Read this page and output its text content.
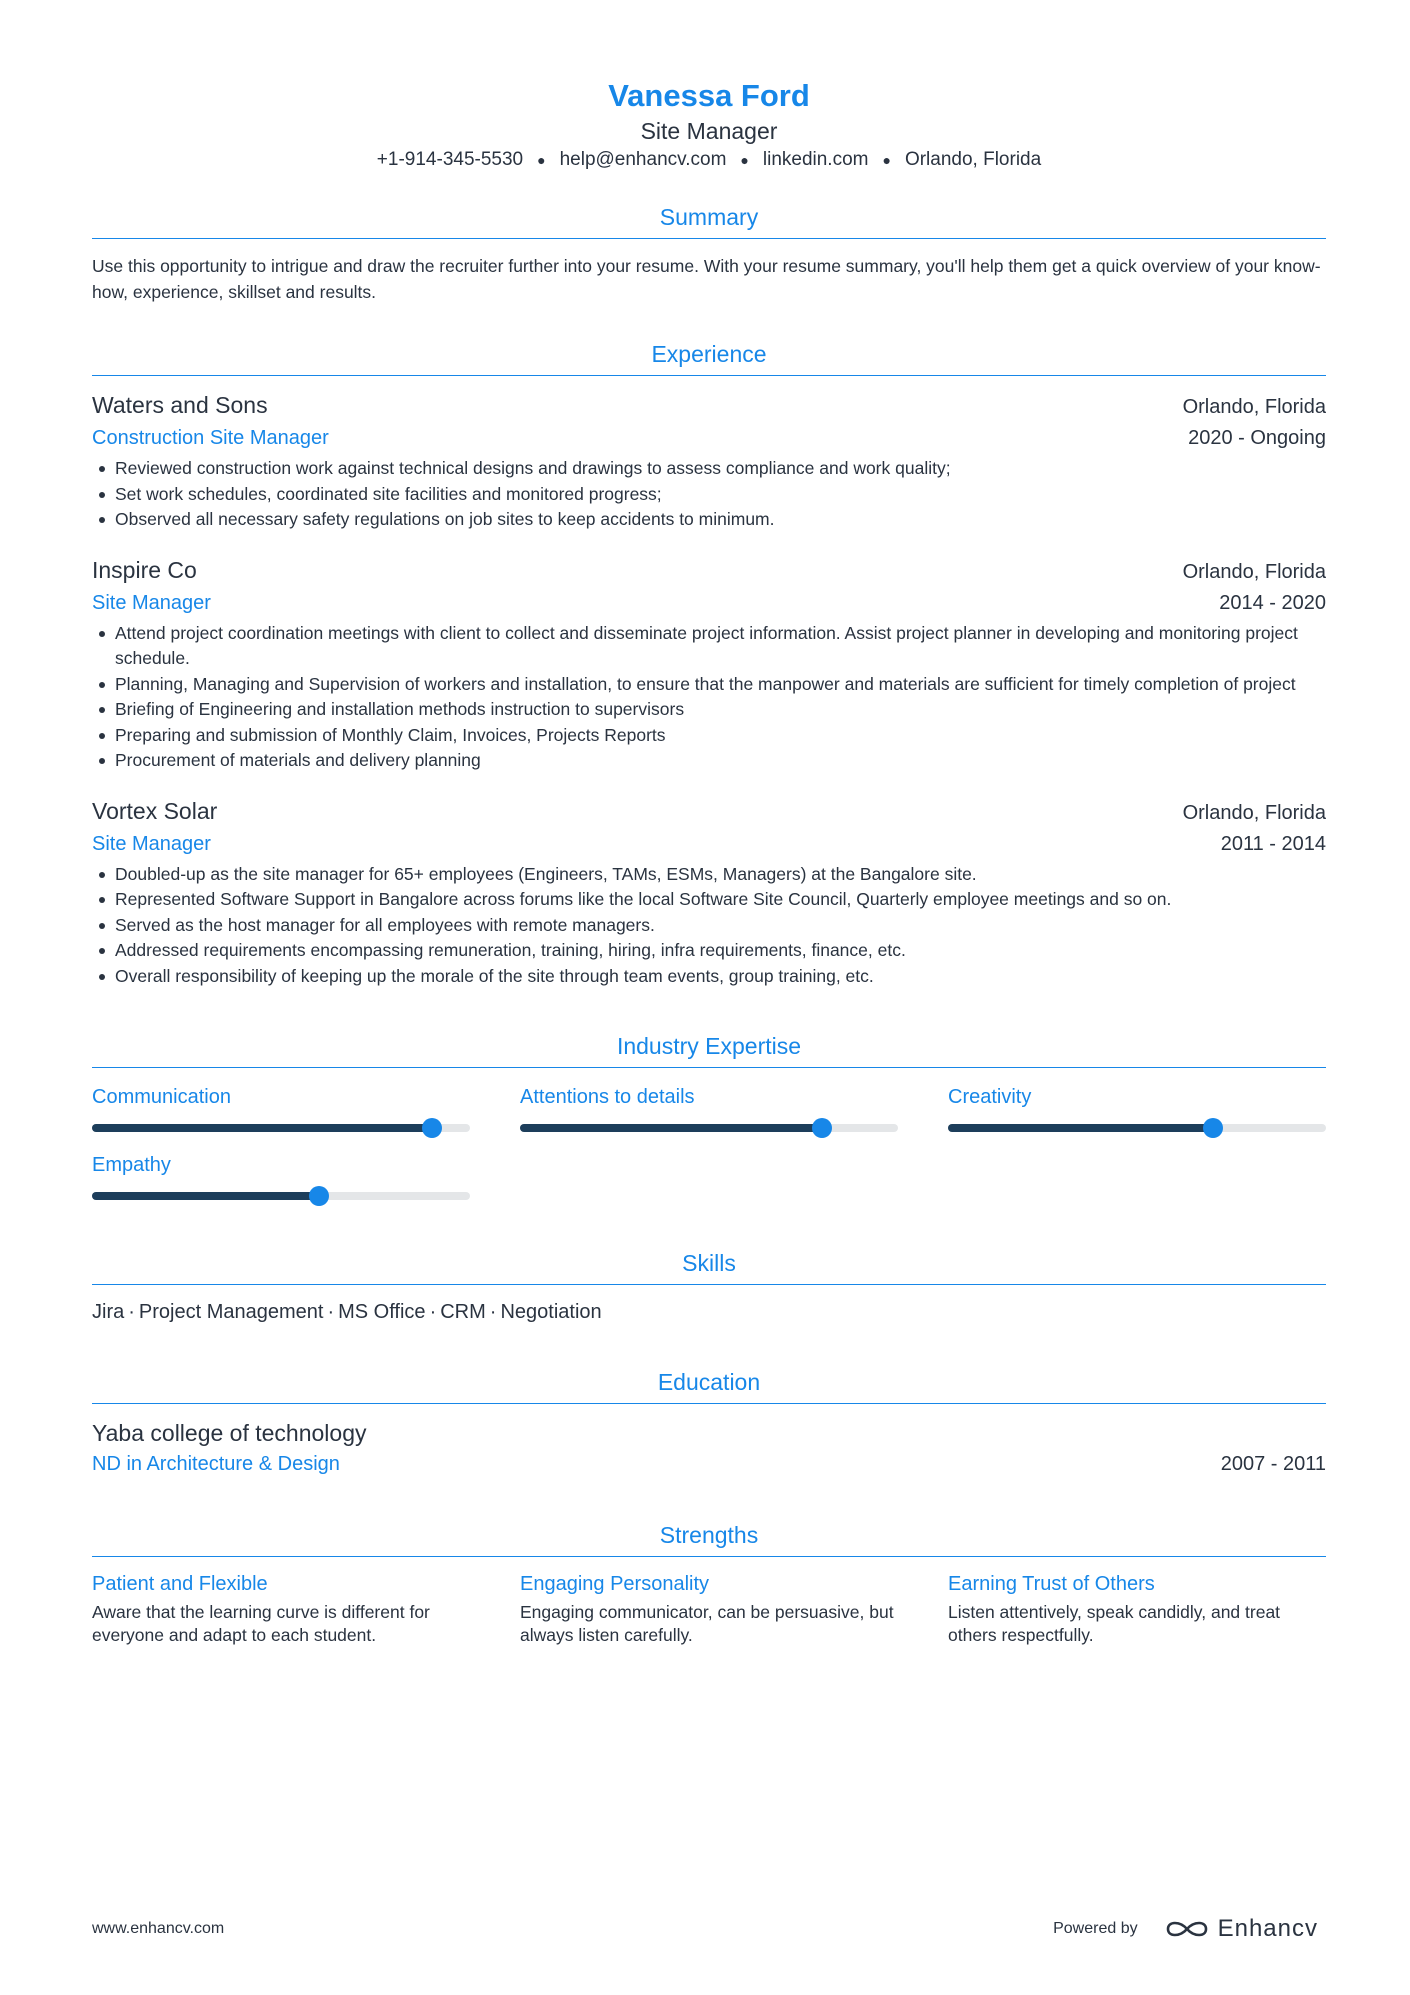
Vanessa Ford
Site Manager
+1-914-345-5530 ● help@enhancv.com ● linkedin.com ● Orlando, Florida
Summary
Use this opportunity to intrigue and draw the recruiter further into your resume. With your resume summary, you'll help them get a quick overview of your know-how, experience, skillset and results.
Experience
Waters and Sons	Orlando, Florida
Construction Site Manager	2020 - Ongoing
Reviewed construction work against technical designs and drawings to assess compliance and work quality;
Set work schedules, coordinated site facilities and monitored progress;
Observed all necessary safety regulations on job sites to keep accidents to minimum.
Inspire Co	Orlando, Florida
Site Manager	2014 - 2020
Attend project coordination meetings with client to collect and disseminate project information. Assist project planner in developing and monitoring project schedule.
Planning, Managing and Supervision of workers and installation, to ensure that the manpower and materials are sufficient for timely completion of project
Briefing of Engineering and installation methods instruction to supervisors
Preparing and submission of Monthly Claim, Invoices, Projects Reports
Procurement of materials and delivery planning
Vortex Solar	Orlando, Florida
Site Manager	2011 - 2014
Doubled-up as the site manager for 65+ employees (Engineers, TAMs, ESMs, Managers) at the Bangalore site.
Represented Software Support in Bangalore across forums like the local Software Site Council, Quarterly employee meetings and so on.
Served as the host manager for all employees with remote managers.
Addressed requirements encompassing remuneration, training, hiring, infra requirements, finance, etc.
Overall responsibility of keeping up the morale of the site through team events, group training, etc.
Industry Expertise
Communication	Attentions to details	Creativity
Empathy
Skills
Jira · Project Management · MS Office · CRM · Negotiation
Education
Yaba college of technology
ND in Architecture & Design	2007 - 2011
Strengths
Patient and Flexible
Aware that the learning curve is different for everyone and adapt to each student.
Engaging Personality
Engaging communicator, can be persuasive, but always listen carefully.
Earning Trust of Others
Listen attentively, speak candidly, and treat others respectfully.
www.enhancv.com	Powered by	Enhancv
